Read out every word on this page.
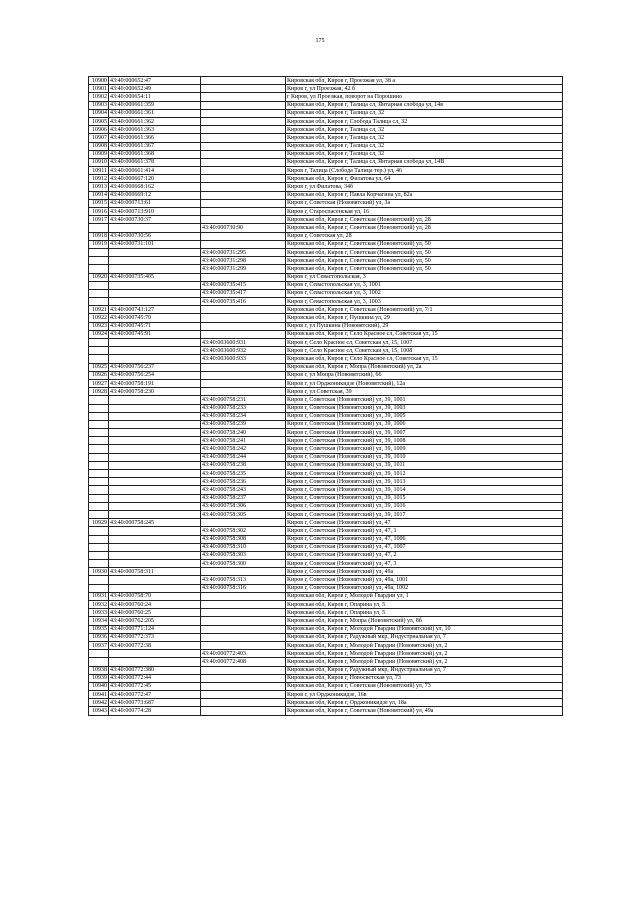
175
10900	43:40:000652:47		Кировская обл, Киров г, Проезжая ул, 38 а
10901	43:40:000652:49		Киров г, ул Проезжая, 42 б
10902	43:40:000654:11		г Киров, ул Проезжая, поворот на Порошино
10903	43:40:000661:359		Кировская обл, Киров г, Талица сл, Янтарная слобода ул, 14в
10904	43:40:000661:361		Кировская обл, Киров г, Талица сл, 32
10905	43:40:000661:362		Кировская обл, Киров г, Слобода Талица сл, 32
10906	43:40:000661:363		Кировская обл, Киров г, Талица сл, 32
10907	43:40:000661:366		Кировская обл, Киров г, Талица сл, 32
10908	43:40:000661:367		Кировская обл, Киров г, Талица сл, 32
10909	43:40:000661:368		Кировская обл, Киров г, Талица сл, 32
10910	43:40:000661:378		Кировская обл, Киров г, Талица сл, Янтарная слобода ул, 14В
10911	43:40:000661:414		Киров г, Талица (Слобода Талица тер.) ул, 46
10912	43:40:000667:120		Кировская обл, Киров г, Филатова ул, 64
10913	43:40:000668:162		Киров г, ул Филатова, 34б
10914	43:40:000669:12		Кировская обл, Киров г, Павла Корчагина ул, 82а
10915	43:40:000713:61		Киров г, Советская (Нововятский) ул, 3а
10916	43:40:000713:910		Киров г, Староспасенская ул, 16
10917	43:40:000730:37		Кировская обл, Киров г, Советская (Нововятский) ул, 28
		43:40:000730:90	Кировская обл, Киров г, Советская (Нововятский) ул, 28
10918	43:40:000730:56		Киров г, Советская ул, 28
10919	43:40:000731:101		Кировская обл, Киров г, Советская (Нововятский) ул, 50
		43:40:000731:295	Кировская обл, Киров г, Советская (Нововятский) ул, 50
		43:40:000731:298	Кировская обл, Киров г, Советская (Нововятский) ул, 50
		43:40:000731:299	Кировская обл, Киров г, Советская (Нововятский) ул, 50
10920	43:40:000735:405		Киров г, ул Севастопольская, 3
		43:40:000735:415	Киров г, Севастопольская ул, 3, 1001
		43:40:000735:417	Киров г, Севастопольская ул, 3, 1002
		43:40:000735:416	Киров г, Севастопольская ул, 3, 1003
10921	43:40:000743:127		Кировская обл, Киров г, Советская (Нововятский) ул, 7/1
10922	43:40:000745:70		Кировская обл, Киров г, Пушкина ул, 29
10923	43:40:000745:71		Киров г, ул Пушкина (Нововятский), 29
10924	43:40:000745:91		Кировская обл, Киров г, Село Красное сл, Советская ул, 15
		43:40:003600:931	Киров г, Село Красное сл, Советская ул, 15, 1007
		43:40:003600:932	Киров г, Село Красное сл, Советская ул, 15, 1008
		43:40:003600:933	Кировская обл, Киров г, Село Красное сл, Советская ул, 15
10925	43:40:000756:237		Кировская обл, Киров г, Мопра (Нововятский) ул, 2а
10926	43:40:000756:254		Киров г, ул Мопра (Нововятский), 66
10927	43:40:000758:191		Киров г, ул Орджоникидзе (Нововятский), 12а
10928	43:40:000758:230		Киров г, ул Советская, 39
		43:40:000758:231	Киров г, Советская (Нововятский) ул, 39, 1001
		43:40:000758:233	Киров г, Советская (Нововятский) ул, 39, 1003
		43:40:000758:234	Киров г, Советская (Нововятский) ул, 39, 1005
		43:40:000758:239	Киров г, Советская (Нововятский) ул, 39, 1006
		43:40:000758:240	Киров г, Советская (Нововятский) ул, 39, 1007
		43:40:000758:241	Киров г, Советская (Нововятский) ул, 39, 1008
		43:40:000758:242	Киров г, Советская (Нововятский) ул, 39, 1009
		43:40:000758:244	Киров г, Советская (Нововятский) ул, 39, 1010
		43:40:000758:238	Киров г, Советская (Нововятский) ул, 39, 1011
		43:40:000758:235	Киров г, Советская (Нововятский) ул, 39, 1012
		43:40:000758:236	Киров г, Советская (Нововятский) ул, 39, 1013
		43:40:000758:243	Киров г, Советская (Нововятский) ул, 39, 1014
		43:40:000758:237	Киров г, Советская (Нововятский) ул, 39, 1015
		43:40:000758:306	Киров г, Советская (Нововятский) ул, 39, 1016
		43:40:000758:305	Киров г, Советская (Нововятский) ул, 39, 1017
10929	43:40:000758:245		Киров г, Советская (Нововятский) ул, 47
		43:40:000758:302	Киров г, Советская (Нововятский) ул, 47, 1
		43:40:000758:308	Киров г, Советская (Нововятский) ул, 47, 1006
		43:40:000758:310	Киров г, Советская (Нововятский) ул, 47, 1007
		43:40:000758:303	Киров г, Советская (Нововятский) ул, 47, 2
		43:40:000758:300	Киров г, Советская (Нововятский) ул, 47, 3
10930	43:40:000758:311		Киров г, Советская (Нововятский) ул, 49а
		43:40:000758:313	Киров г, Советская (Нововятский) ул, 49а, 1001
		43:40:000758:316	Киров г, Советская (Нововятский) ул, 49а, 1002
10931	43:40:000758:70		Кировская обл, Киров г, Молодой Гвардии ул, 1
10932	43:40:000760:24		Кировская обл, Киров г, Опарина ул, 5
10933	43:40:000760:25		Кировская обл, Киров г, Опарина ул, 5
10934	43:40:000762:205		Кировская обл, Киров г, Мопра (Нововятский) ул, 8б
10935	43:40:000771:124		Кировская обл, Киров г, Молодой Гвардии (Нововятский) ул, 10
10936	43:40:000772:373		Кировская обл, Киров г, Радужный мкр, Индустриальная ул, 7
10937	43:40:000772:38		Кировская обл, Киров г, Молодой Гвардии (Нововятский) ул, 2
		43:40:000772:403	Кировская обл, Киров г, Молодой Гвардии (Нововятский) ул, 2
		43:40:000772:408	Кировская обл, Киров г, Молодой Гвардии (Нововятский) ул, 2
10938	43:40:000772:380		Кировская обл, Киров г, Радужный мкр, Индустриальная ул, 7
10939	43:40:000772:44		Кировская обл, Киров г, Новосветская ул, 73
10940	43:40:000772:45		Кировская обл, Киров г, Советская (Нововятский) ул, 73
10941	43:40:000772:47		Киров г, ул Орджоникидзе, 16в
10942	43:40:000773:687		Кировская обл, Киров г, Орджоникидзе ул, 18а
10943	43:40:000774:28		Кировская обл, Киров г, Советская (Нововятский) ул, 49а
